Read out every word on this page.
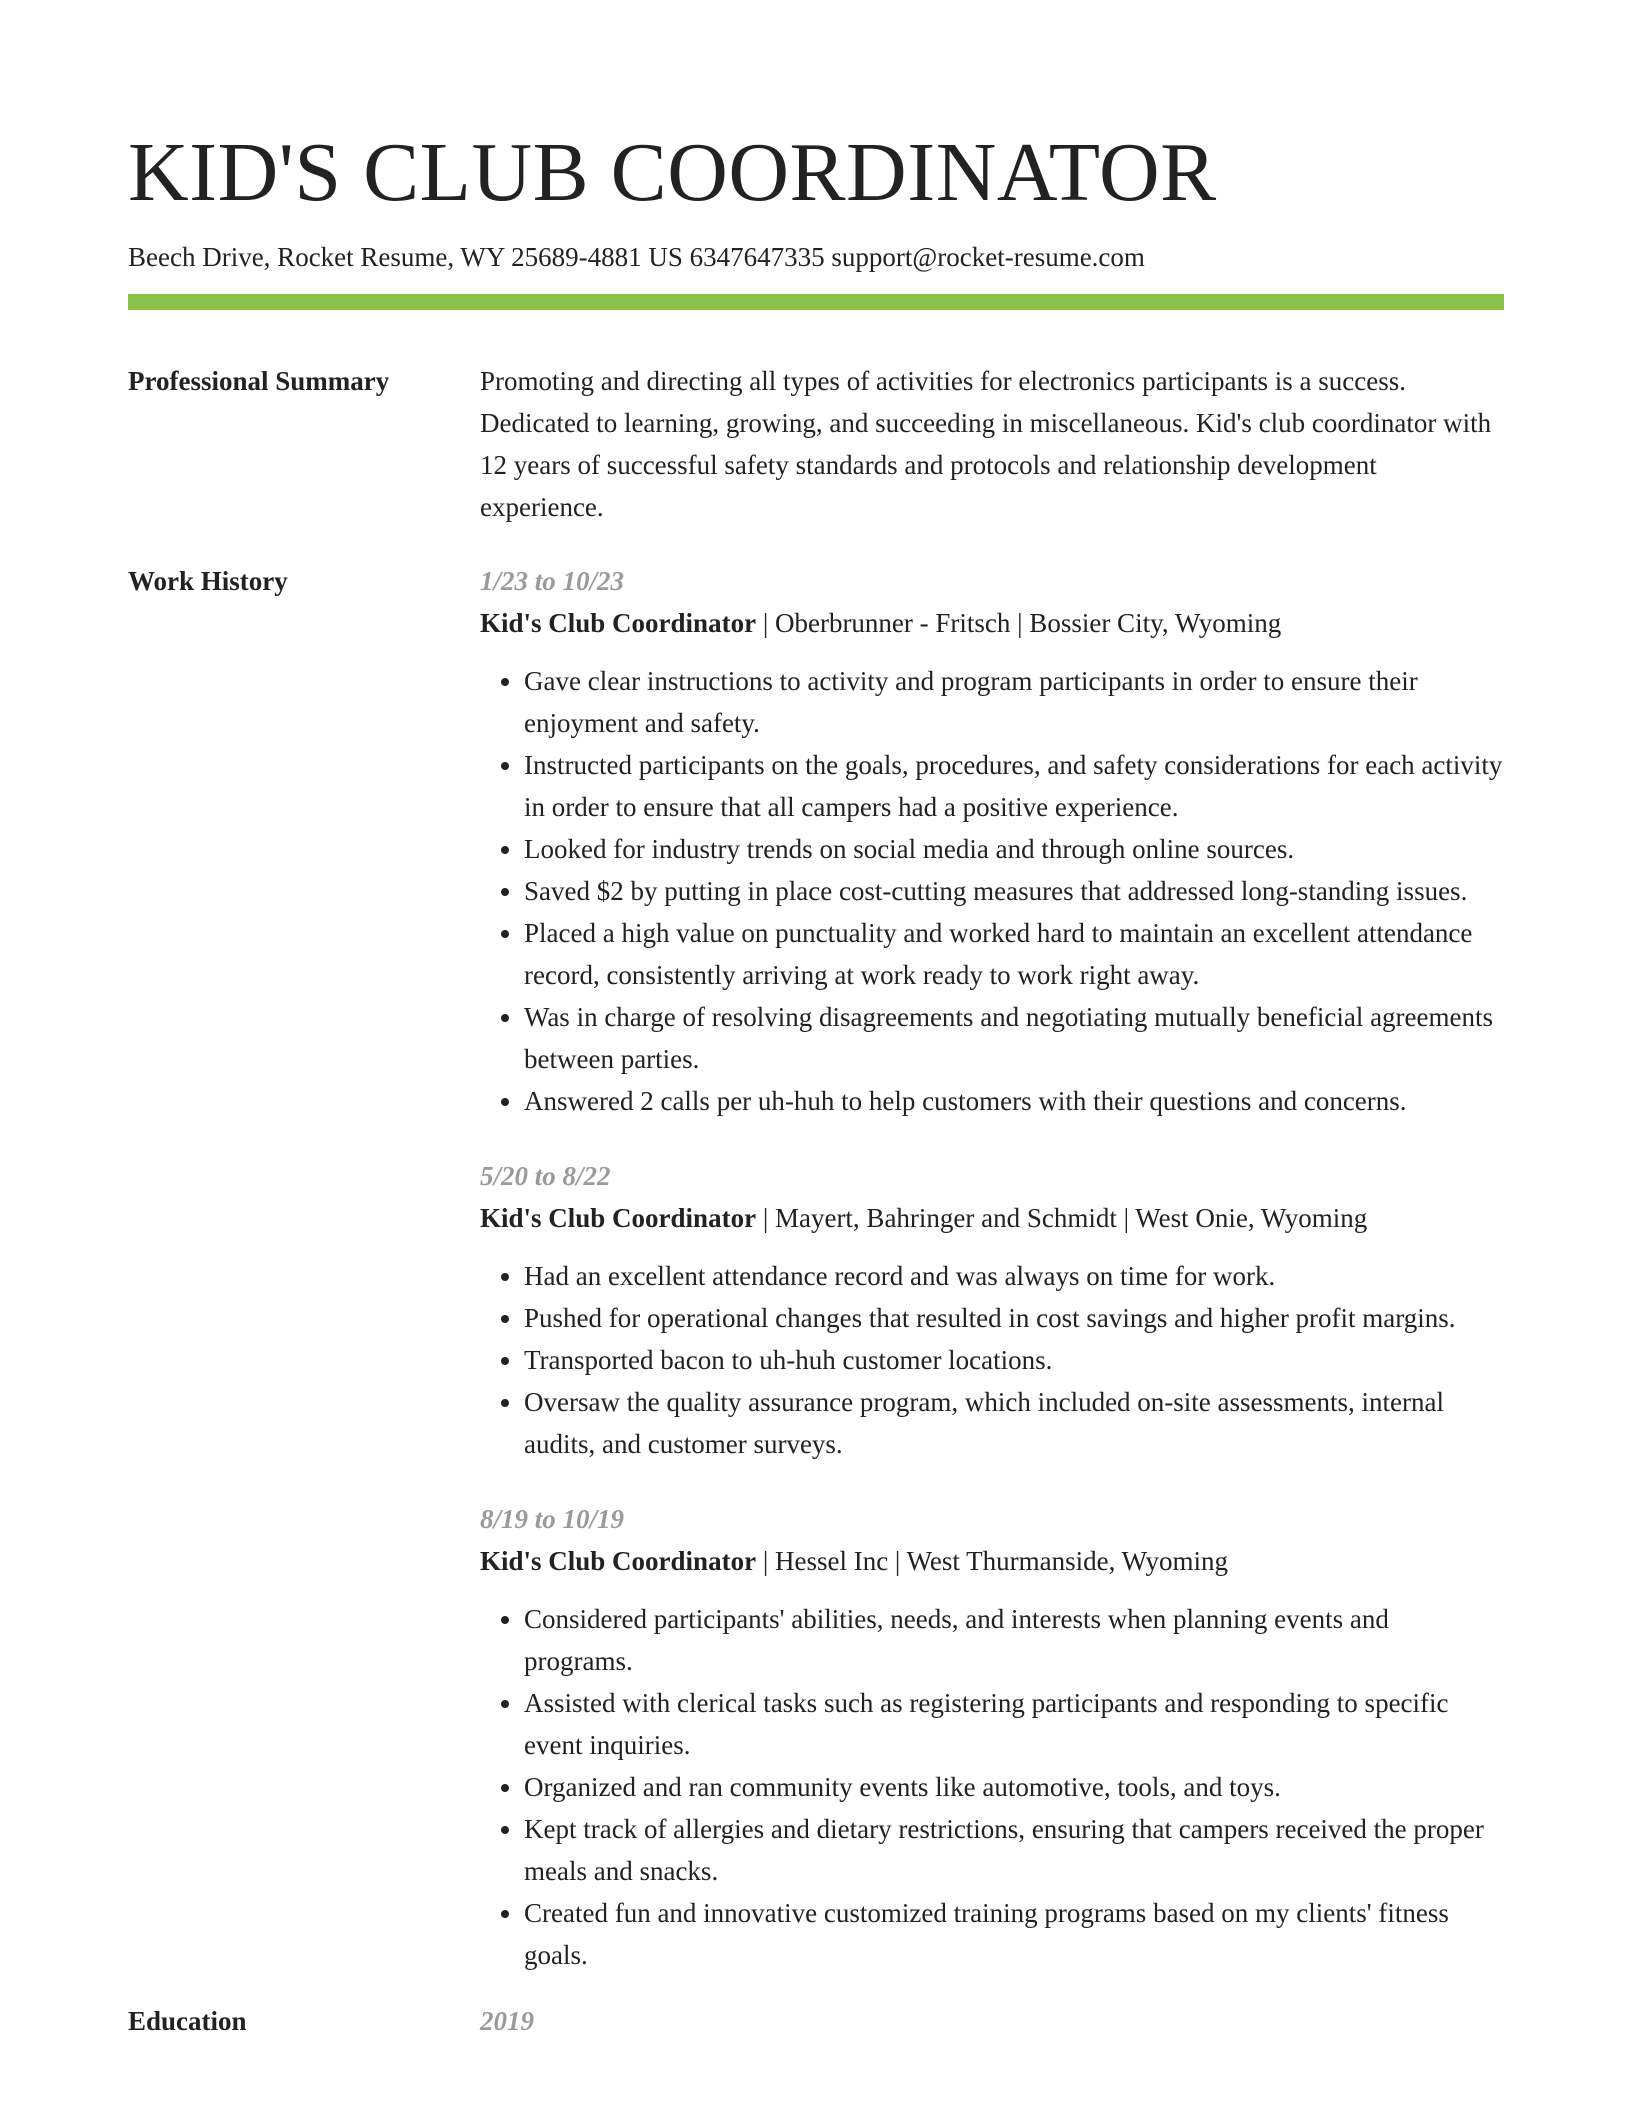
KID'S CLUB COORDINATOR
Beech Drive, Rocket Resume, WY 25689-4881 US 6347647335 support@rocket-resume.com
Professional Summary	Promoting and directing all types of activities for electronics participants is a success. Dedicated to learning, growing, and succeeding in miscellaneous. Kid's club coordinator with 12 years of successful safety standards and protocols and relationship development experience.

Work History	1/23 to 10/23
Kid's Club Coordinator | Oberbrunner - Fritsch | Bossier City, Wyoming
• Gave clear instructions to activity and program participants in order to ensure their enjoyment and safety.
• Instructed participants on the goals, procedures, and safety considerations for each activity in order to ensure that all campers had a positive experience.
• Looked for industry trends on social media and through online sources.
• Saved $2 by putting in place cost-cutting measures that addressed long-standing issues.
• Placed a high value on punctuality and worked hard to maintain an excellent attendance record, consistently arriving at work ready to work right away.
• Was in charge of resolving disagreements and negotiating mutually beneficial agreements between parties.
• Answered 2 calls per uh-huh to help customers with their questions and concerns.
5/20 to 8/22
Kid's Club Coordinator | Mayert, Bahringer and Schmidt | West Onie, Wyoming
• Had an excellent attendance record and was always on time for work.
• Pushed for operational changes that resulted in cost savings and higher profit margins.
• Transported bacon to uh-huh customer locations.
• Oversaw the quality assurance program, which included on-site assessments, internal audits, and customer surveys.
8/19 to 10/19
Kid's Club Coordinator | Hessel Inc | West Thurmanside, Wyoming
• Considered participants' abilities, needs, and interests when planning events and programs.
• Assisted with clerical tasks such as registering participants and responding to specific event inquiries.
• Organized and ran community events like automotive, tools, and toys.
• Kept track of allergies and dietary restrictions, ensuring that campers received the proper meals and snacks.
• Created fun and innovative customized training programs based on my clients' fitness goals.
Education	2019
